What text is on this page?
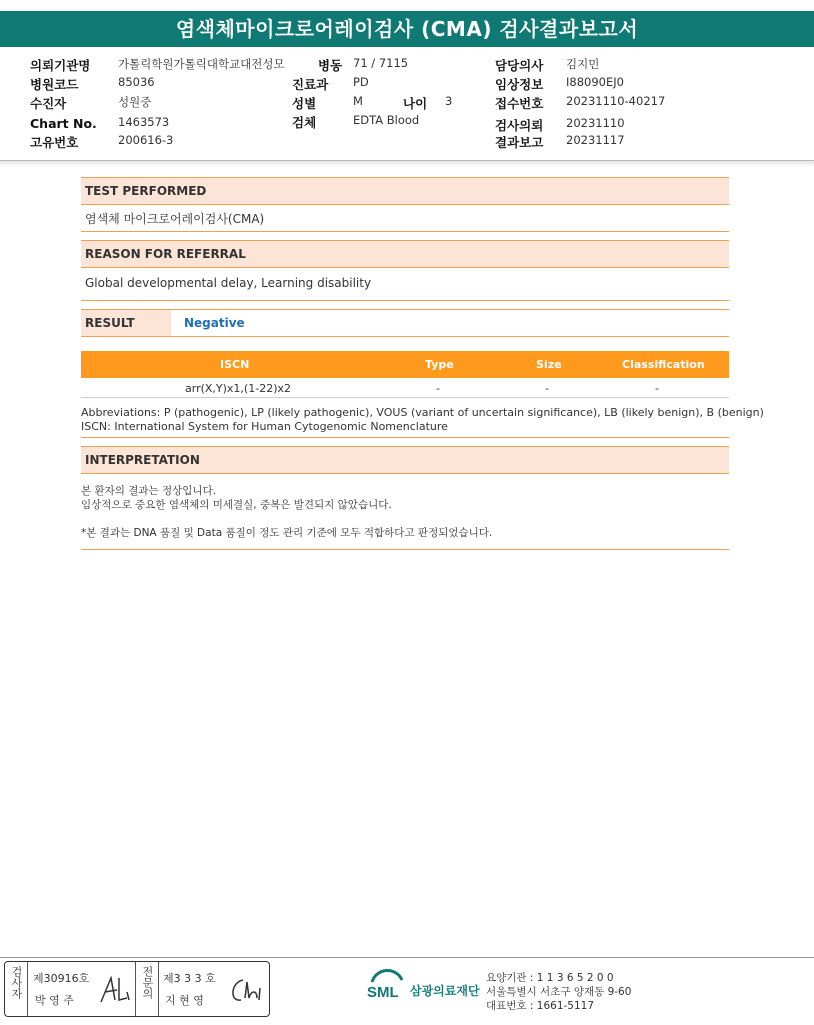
염색체마이크로어레이검사 (CMA) 검사결과보고서
의뢰기관명 가톨릭학원가톨릭대학교대전성모	병동 71 / 7115	담당의사 김지민
병원코드	85036	진료과 PD	임상정보 I88090EJ0
수진자	성원중	성별	M	나이 3	접수번호 20231110-40217
Chart No. 1463573	검체	EDTA Blood	검사의뢰 20231110
고유번호	200616-3	결과보고 20231117
TEST PERFORMED
염색체 마이크로어레이검사(CMA)
REASON FOR REFERRAL
Global developmental delay, Learning disability
RESULT	Negative
ISCN	Type	Size	Classification
arr(X,Y)x1,(1-22)x2	-	-	-
Abbreviations: P (pathogenic), LP (likely pathogenic), VOUS (variant of uncertain significance), LB (likely benign), B (benign)
ISCN: International System for Human Cytogenomic Nomenclature
INTERPRETATION
본 환자의 결과는 정상입니다.
임상적으로 중요한 염색체의 미세결실, 중복은 발견되지 않았습니다.
*본 결과는 DNA 품질 및 Data 품질이 정도 관리 기준에 모두 적합하다고 판정되었습니다.
검사자 제30916호
박 영 주
전문의 제3 3 3 호
지 현 영	SML 삼광의료재단
요양기관 : 1 1 3 6 5 2 0 0
서울특별시 서초구 양재동 9-60
대표번호 : 1661-5117
